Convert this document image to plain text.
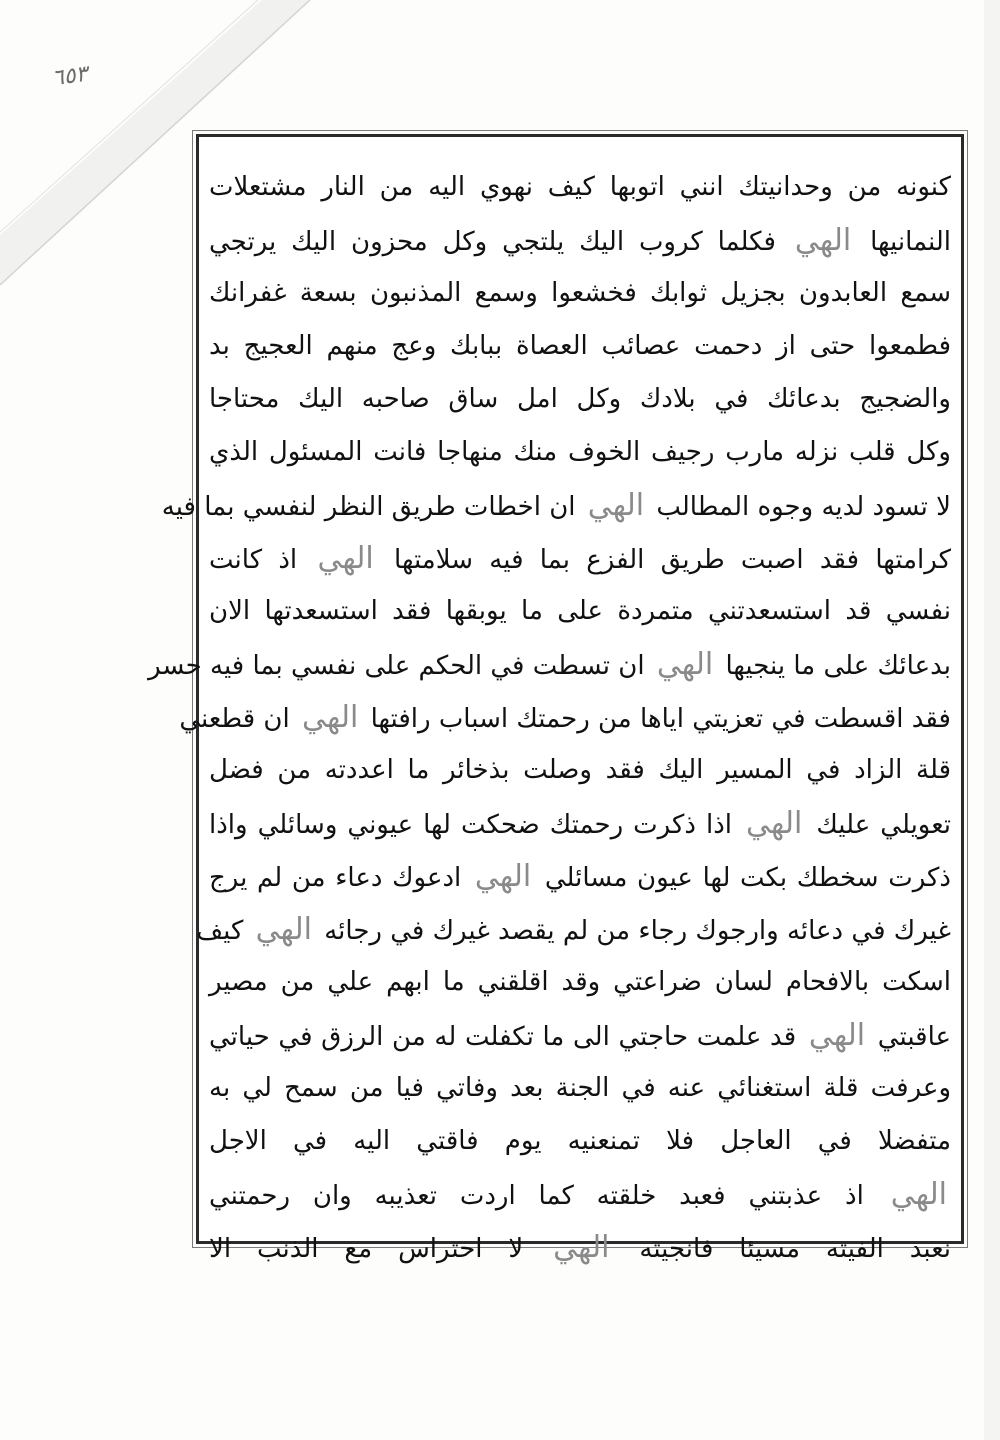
٦٥٣
كنونه من وحدانيتك انني اتوبها كيف نهوي اليه من النار مشتعلات
النمانيها الهي فكلما كروب اليك يلتجي وكل محزون اليك يرتجي
سمع العابدون بجزيل ثوابك فخشعوا وسمع المذنبون بسعة غفرانك
فطمعوا حتى از دحمت عصائب العصاة ببابك وعج منهم العجيج بد
والضجيج بدعائك في بلادك وكل امل ساق صاحبه اليك محتاجا
وكل قلب نزله مارب رجيف الخوف منك منهاجا فانت المسئول الذي
لا تسود لديه وجوه المطالب الهي ان اخطات طريق النظر لنفسي بما فيه
كرامتها فقد اصبت طريق الفزع بما فيه سلامتها الهي اذ كانت
نفسي قد استسعدتني متمردة على ما يوبقها فقد استسعدتها الان
بدعائك على ما ينجيها الهي ان تسطت في الحكم على نفسي بما فيه حسر
فقد اقسطت في تعزيتي اياها من رحمتك اسباب رافتها الهي ان قطعني
قلة الزاد في المسير اليك فقد وصلت بذخائر ما اعددته من فضل
تعويلي عليك الهي اذا ذكرت رحمتك ضحكت لها عيوني وسائلي واذا
ذكرت سخطك بكت لها عيون مسائلي الهي ادعوك دعاء من لم يرج
غيرك في دعائه وارجوك رجاء من لم يقصد غيرك في رجائه الهي كيف
اسكت بالافحام لسان ضراعتي وقد اقلقني ما ابهم علي من مصير
عاقبتي الهي قد علمت حاجتي الى ما تكفلت له من الرزق في حياتي
وعرفت قلة استغنائي عنه في الجنة بعد وفاتي فيا من سمح لي به
متفضلا في العاجل فلا تمنعنيه يوم فاقتي اليه في الاجل
الهي اذ عذبتني فعبد خلقته كما اردت تعذيبه وان رحمتني
نعبد الفيته مسيئا فانجيته الهي لا احتراس مع الذنب الا
